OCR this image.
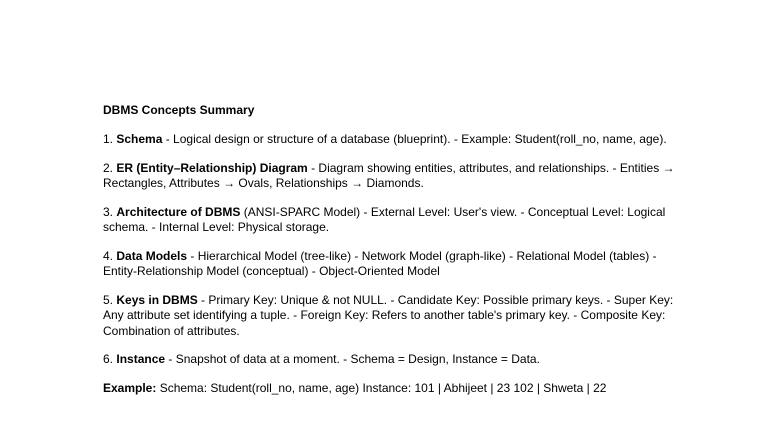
DBMS Concepts Summary
1. Schema - Logical design or structure of a database (blueprint). - Example: Student(roll_no, name, age).
2. ER (Entity–Relationship) Diagram - Diagram showing entities, attributes, and relationships. - Entities → Rectangles, Attributes → Ovals, Relationships → Diamonds.
3. Architecture of DBMS (ANSI-SPARC Model) - External Level: User's view. - Conceptual Level: Logical schema. - Internal Level: Physical storage.
4. Data Models - Hierarchical Model (tree-like) - Network Model (graph-like) - Relational Model (tables) - Entity-Relationship Model (conceptual) - Object-Oriented Model
5. Keys in DBMS - Primary Key: Unique & not NULL. - Candidate Key: Possible primary keys. - Super Key: Any attribute set identifying a tuple. - Foreign Key: Refers to another table's primary key. - Composite Key: Combination of attributes.
6. Instance - Snapshot of data at a moment. - Schema = Design, Instance = Data.
Example: Schema: Student(roll_no, name, age) Instance: 101 | Abhijeet | 23 102 | Shweta | 22
